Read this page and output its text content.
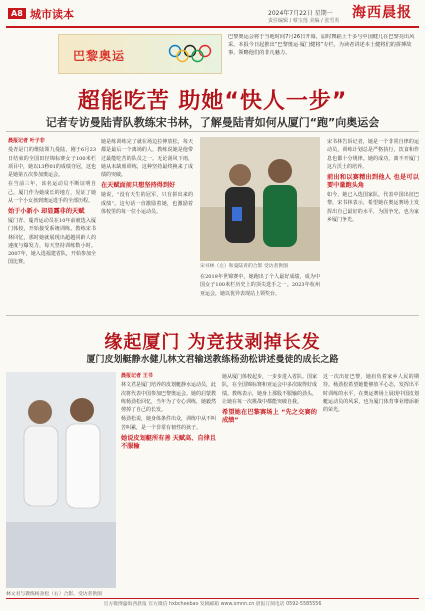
A8 城市读本	2024年7月22日 星期一
责任编辑 / 蔡宝莲 美编 / 张雪英 海西晨报
巴黎奥运
巴黎奥运会将于当地时间7月26日开幕，届时舞蹈上千多与中国健儿在巴黎亮出风采。本报今日起推出“巴黎奥运·厦门健将”专栏，为读者讲述本土健将们的拼搏故事，领略他们的非凡魅力。
超能吃苦 助她“快人一步”
记者专访曼陆青队教练宋书林，了解曼陆青如何从厦门“跑”向奥运会
晨报记者 叶子非

曼青是门的维陆领九曼陆，刚于6月23日结束的全国田径锦标赛女子100米栏项目中，她以13秒01的成绩夺冠，这也是她第五次参加奥运会。

在当前三年，该名运动员不断证明自己，厦门作为她成长的地方，见证了她从一个小女孩到奥运选手的全部历程。

始于小新小 却显露非的天赋

厦门青、蔓青运动员在10年前被选入厦门体校，开始接受系统训练。教练宋书林回忆，那时她就展现出超越同龄人的速度与爆发力，每天坚持训练数小时。2007年，她入选福建省队，开始参加全国比赛。

她是练训练完了就在场边拉伸放松，每天都是最后一个离场的人，教练说她是他带过最能吃苦的队员之一。无论刮风下雨，她从未缺席训练，这种坚持最终换来了成绩的突破。

在天赋面前只想坚持得到好

她说，“没有天生的冠军，只有拼出来的成绩”。这句话一直激励着她，也激励着体校里的每一位小运动员。

宋书林（左）和曼陆青的合影 受访者供图

在2019年世锦赛中，她跑出了个人最好成绩，成为中国女子100米栏历史上的顶尖选手之一。2023年杭州亚运会，她以优异表现站上领奖台。

宋书林告诉记者，她是一个非常自律的运动员，训练计划总是严格执行，饮食和作息也都十分规律。她的成功，离不开厦门这片沃土的培养。

前出和以赛精出到他人 也是可以要中量跑头角

如今，她已入选国家队，代表中国出征巴黎。宋书林表示，希望她在奥运赛场上发挥出自己最好的水平，为国争光，也为家乡厦门争光。

缘起厦门 为竞技剥掉长发
厦门皮划艇静水健儿林文君输送教练杨劲松讲述曼徒的成长之路
林文君与教练杨劲松（右）合影。受访者供图
晨报记者 王书

林文君是厦门培养的皮划艇静水运动员，此次将代表中国参加巴黎奥运会。她的启蒙教练杨劲松回忆，当年为了专心训练，她毅然剪掉了自己的长发。

杨劲松说，她身体条件出众，训练中从不叫苦叫累，是一个非常有韧性的孩子。

她说皮划艇所有善 天赋高、自律且不服输

她从厦门体校起步，一步步进入省队、国家队，在全国锦标赛和亚运会中多次取得好成绩。教练表示，她身上那股不服输的劲头，让她在每一次挑战中都能突破自我。

希望她在巴黎赛场上 “先之交赛的成绩”

这一次出征巴黎，她肩负着家乡人民的期待。杨劲松希望她能够放平心态，发挥出平时训练的水平，在奥运赛场上展现中国皮划艇运动员的风采，也为厦门体育事业增添新的荣光。

官方微博@海西晨报 官方微信 hxbcheebao 发稿邮箱 www.xmnn.cn 晨报订阅电话 0592-5585556
